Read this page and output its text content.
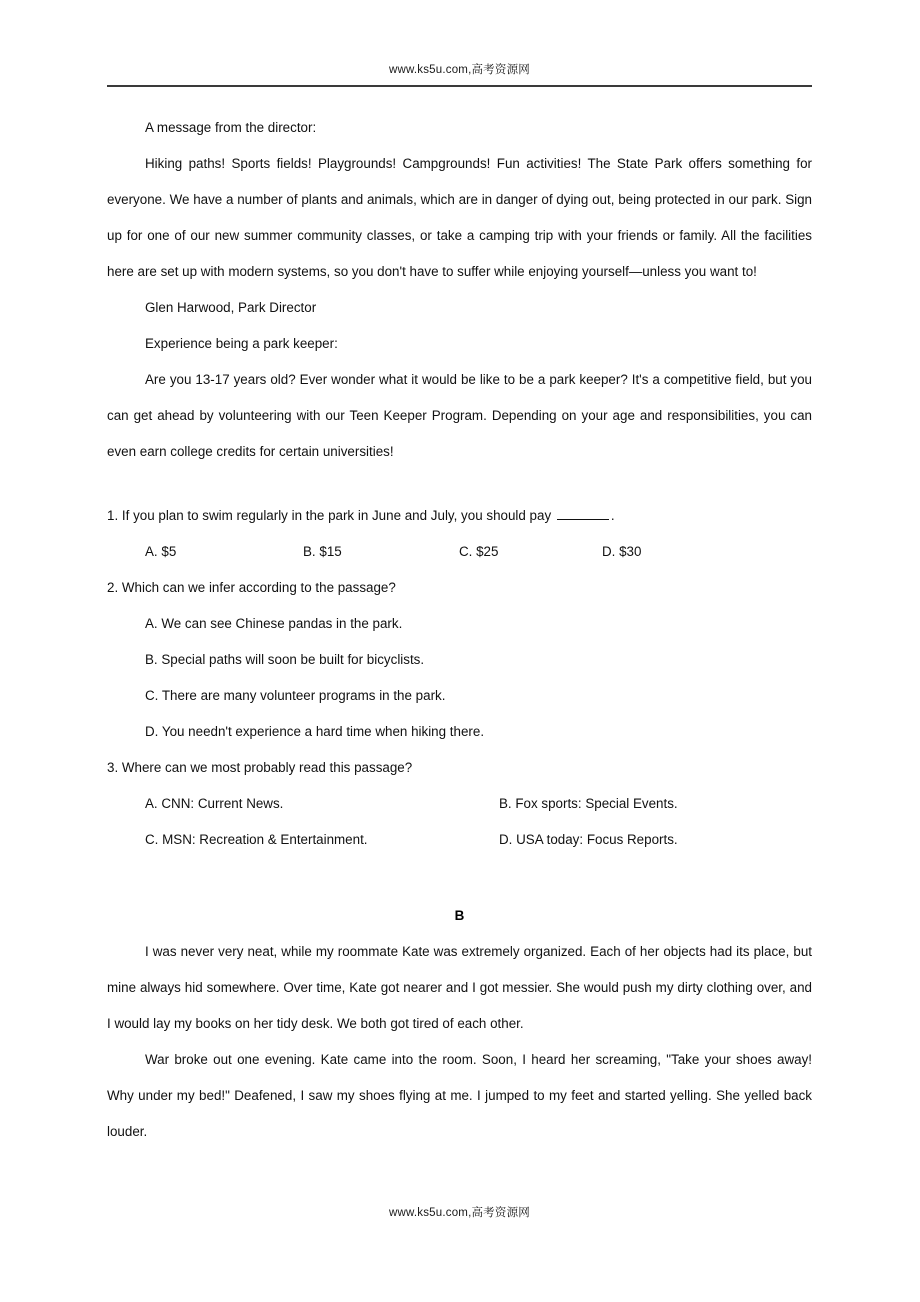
www.ks5u.com,高考资源网

A message from the director:

Hiking paths! Sports fields! Playgrounds! Campgrounds! Fun activities! The State Park offers something for everyone. We have a number of plants and animals, which are in danger of dying out, being protected in our park. Sign up for one of our new summer community classes, or take a camping trip with your friends or family. All the facilities here are set up with modern systems, so you don't have to suffer while enjoying yourself—unless you want to!

Glen Harwood, Park Director

Experience being a park keeper:

Are you 13-17 years old? Ever wonder what it would be like to be a park keeper? It's a competitive field, but you can get ahead by volunteering with our Teen Keeper Program. Depending on your age and responsibilities, you can even earn college credits for certain universities!

1. If you plan to swim regularly in the park in June and July, you should pay	.

A. $5	B. $15	C. $25	D. $30

2. Which can we infer according to the passage?

A. We can see Chinese pandas in the park.

B. Special paths will soon be built for bicyclists.

C. There are many volunteer programs in the park.

D. You needn't experience a hard time when hiking there.

3. Where can we most probably read this passage?

A. CNN: Current News.	B. Fox sports: Special Events.
C. MSN: Recreation & Entertainment.	D. USA today: Focus Reports.

B

I was never very neat, while my roommate Kate was extremely organized. Each of her objects had its place, but mine always hid somewhere. Over time, Kate got nearer and I got messier. She would push my dirty clothing over, and I would lay my books on her tidy desk. We both got tired of each other.

War broke out one evening. Kate came into the room. Soon, I heard her screaming, "Take your shoes away! Why under my bed!" Deafened, I saw my shoes flying at me. I jumped to my feet and started yelling. She yelled back louder.

www.ks5u.com,高考资源网
